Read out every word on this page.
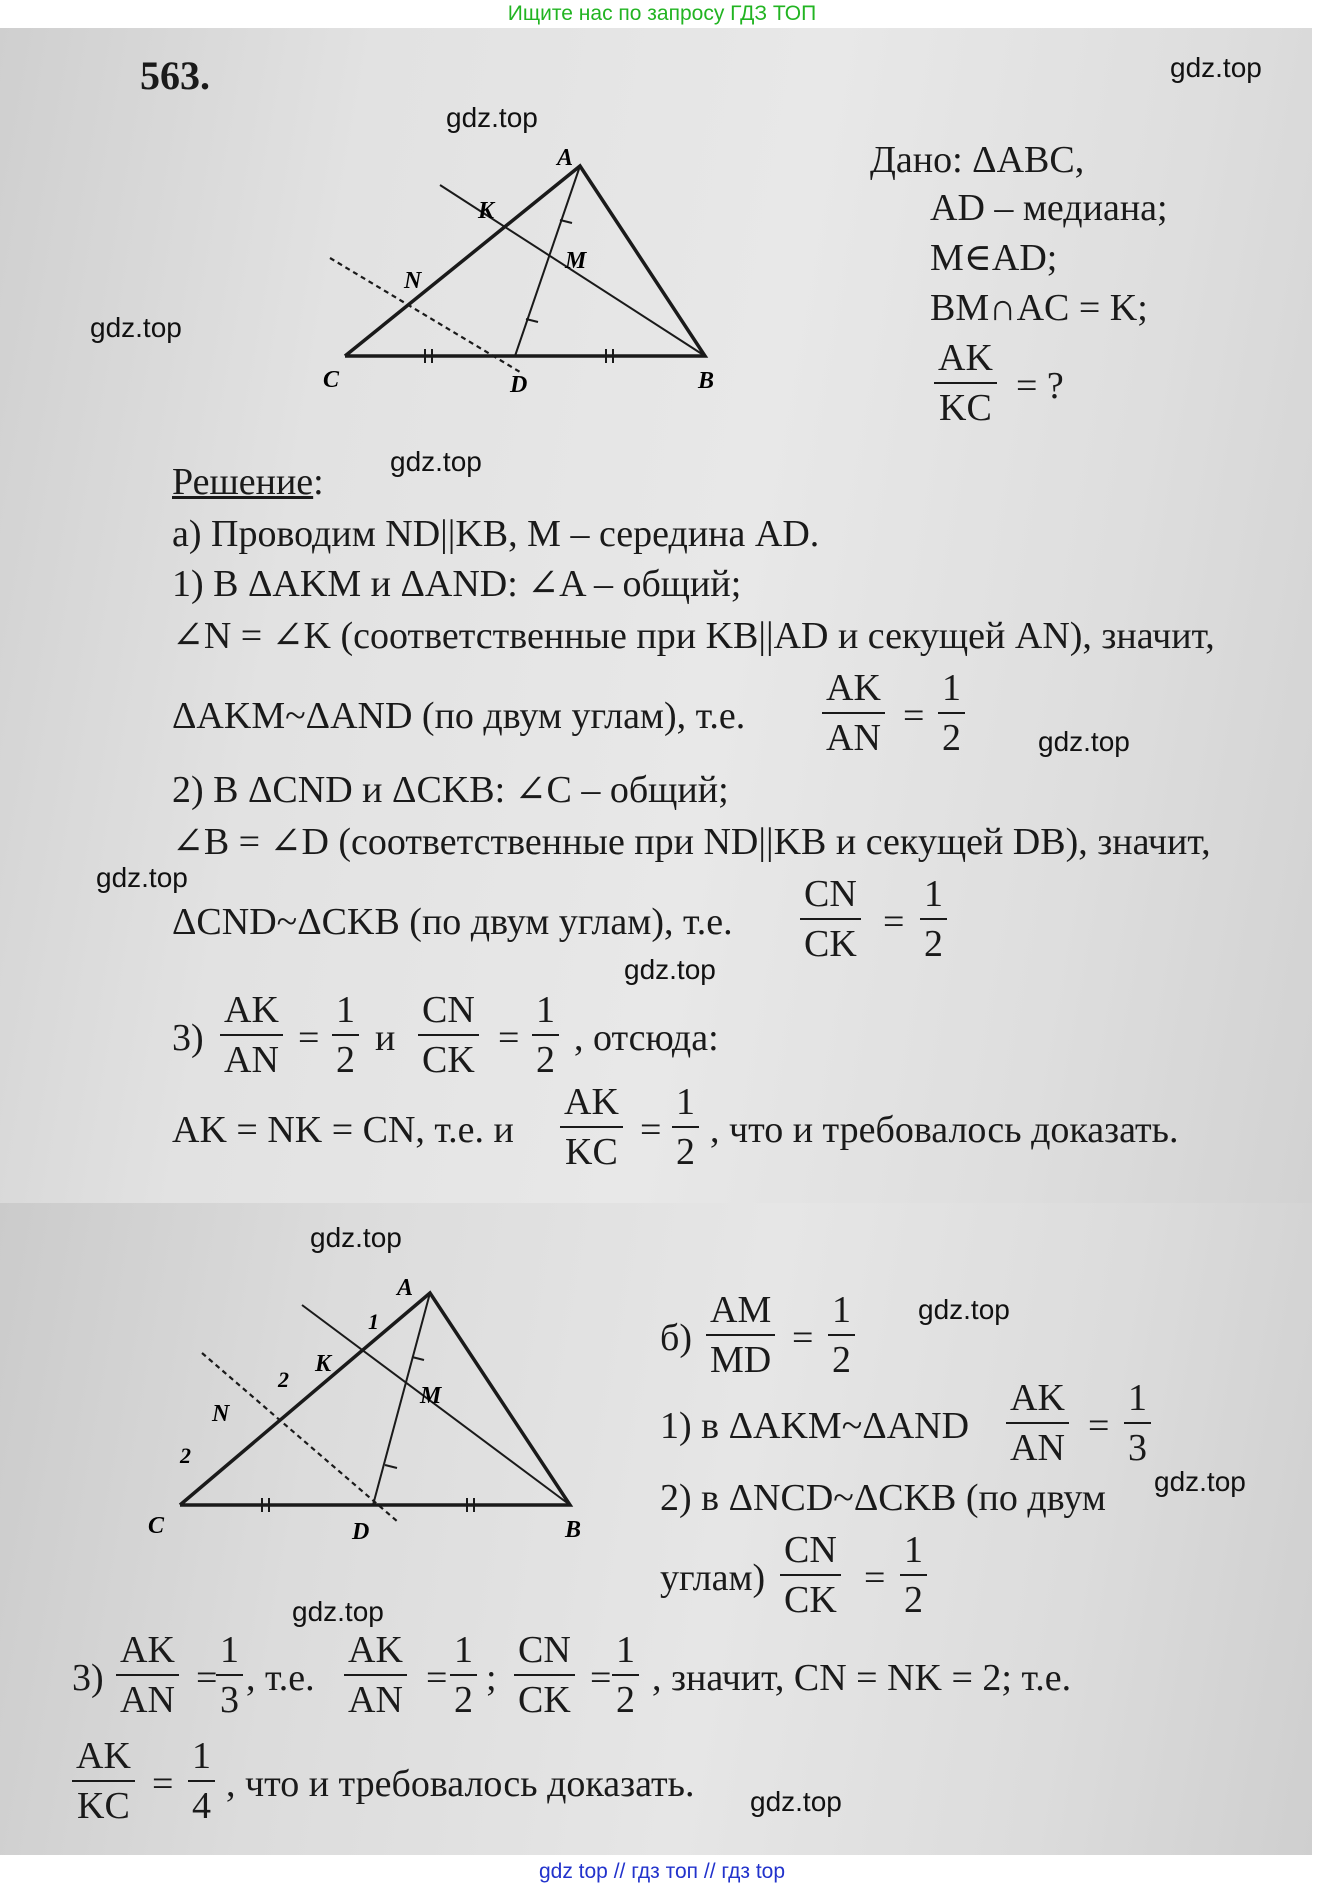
Ищите нас по запросу ГДЗ ТОП
563.
A
K
M
N
C	D	B
Дано: ΔABC,
AD – медиана;
M∈AD;
BM∩AC = K;
$\frac{AK}{KC}$ = ?
Решение:
а) Проводим ND||KB, M – середина AD.
1) В ΔAKM и ΔAND: ∠A – общий;
∠N = ∠K (соответственные при KB||AD и секущей AN), значит,
ΔAKM~ΔAND (по двум углам), т.е. $\frac{AK}{AN} = \frac{1}{2}$
2) В ΔCND и ΔCKB: ∠C – общий;
∠B = ∠D (соответственные при ND||KB и секущей DB), значит,
ΔCND~ΔCKB (по двум углам), т.е. $\frac{CN}{CK} = \frac{1}{2}$
$3) \frac{AK}{AN} = \frac{1}{2}$ и $\frac{CN}{CK} = \frac{1}{2}$ , отсюда:
AK = NK = CN, т.е. и $\frac{AK}{KC} = \frac{1}{2}$ , что и требовалось доказать.
A
K
M
N
C	D	B
1
2
2
$б) \frac{AM}{MD} = \frac{1}{2}$
1) в ΔAKM~ΔAND $\frac{AK}{AN} = \frac{1}{3}$
2) в ΔNCD~ΔCKB (по двум
углам) $\frac{CN}{CK} = \frac{1}{2}$
$3) \frac{AK}{AN}$ =
$\frac{1}{3}$ , т.е. $\frac{AK}{AN} = \frac{1}{2}$ ; $\frac{CN}{CK} = \frac{1}{2}$ , значит, CN = NK = 2; т.е.
$\frac{AK}{KC} = \frac{1}{4}$ , что и требовалось доказать.
gdz.top
gdz.top
gdz.top
gdz.top
gdz.top
gdz.top
gdz.top
gdz.top
gdz.top
gdz.top
gdz.top
gdz.top
gdz top // гдз топ // гдз top
